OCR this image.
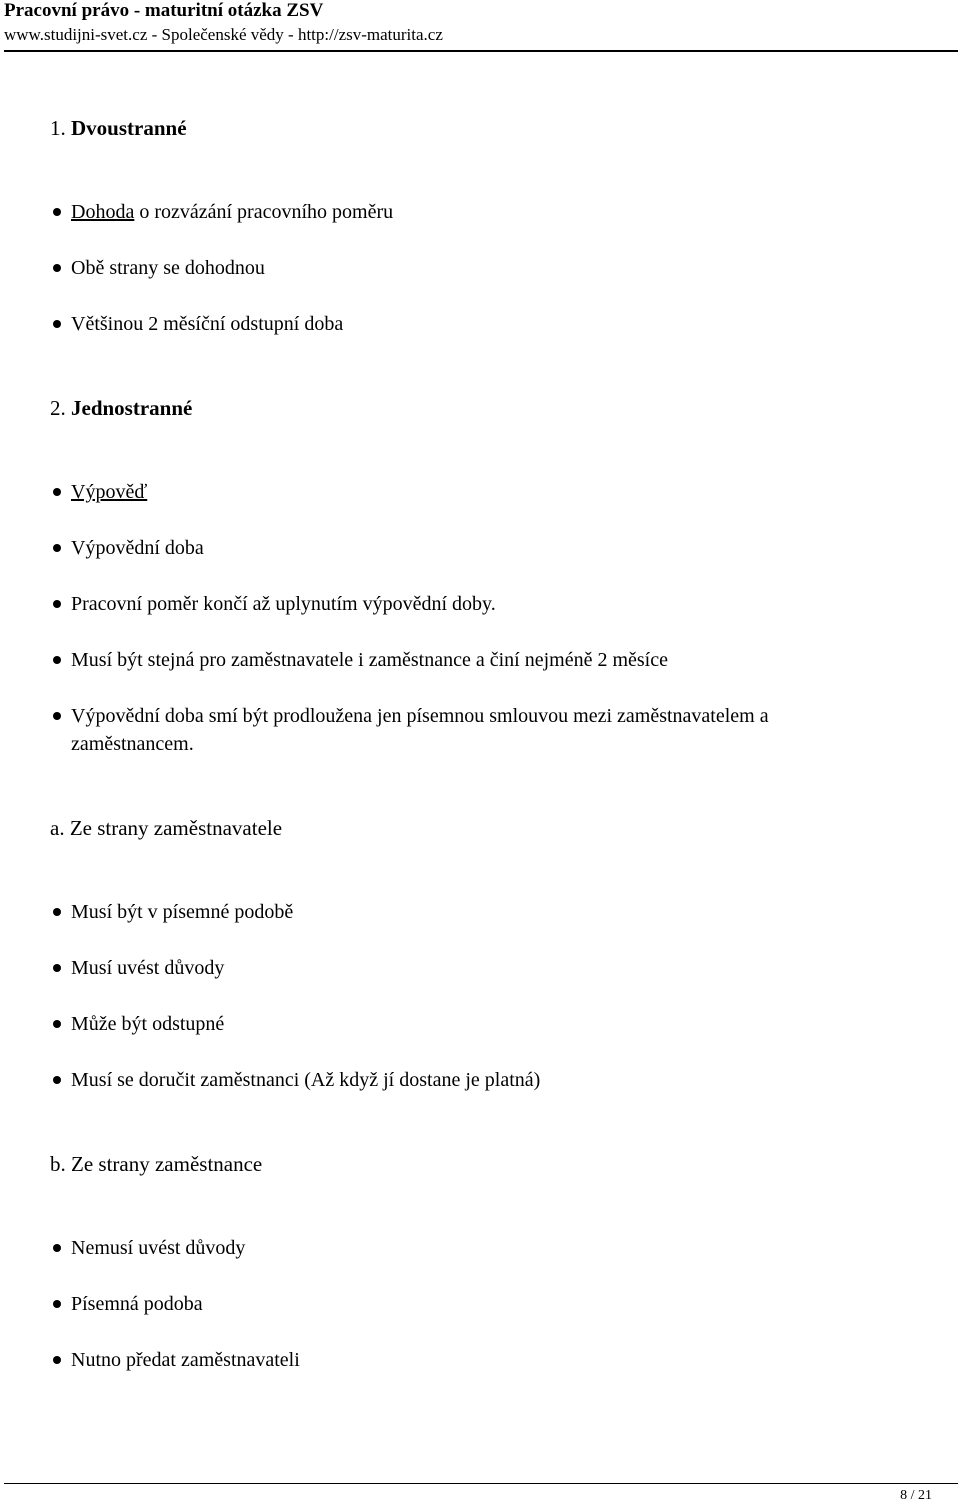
Pracovní právo - maturitní otázka ZSV
www.studijni-svet.cz - Společenské vědy - http://zsv-maturita.cz
1. Dvoustranné
Dohoda o rozvázání pracovního poměru
Obě strany se dohodnou
Většinou 2 měsíční odstupní doba
2. Jednostranné
Výpověď
Výpovědní doba
Pracovní poměr končí až uplynutím výpovědní doby.
Musí být stejná pro zaměstnavatele i zaměstnance a činí nejméně 2 měsíce
Výpovědní doba smí být prodloužena jen písemnou smlouvou mezi zaměstnavatelem a zaměstnancem.
a. Ze strany zaměstnavatele
Musí být v písemné podobě
Musí uvést důvody
Může být odstupné
Musí se doručit zaměstnanci (Až když jí dostane je platná)
b. Ze strany zaměstnance
Nemusí uvést důvody
Písemná podoba
Nutno předat zaměstnavateli
8 / 21
